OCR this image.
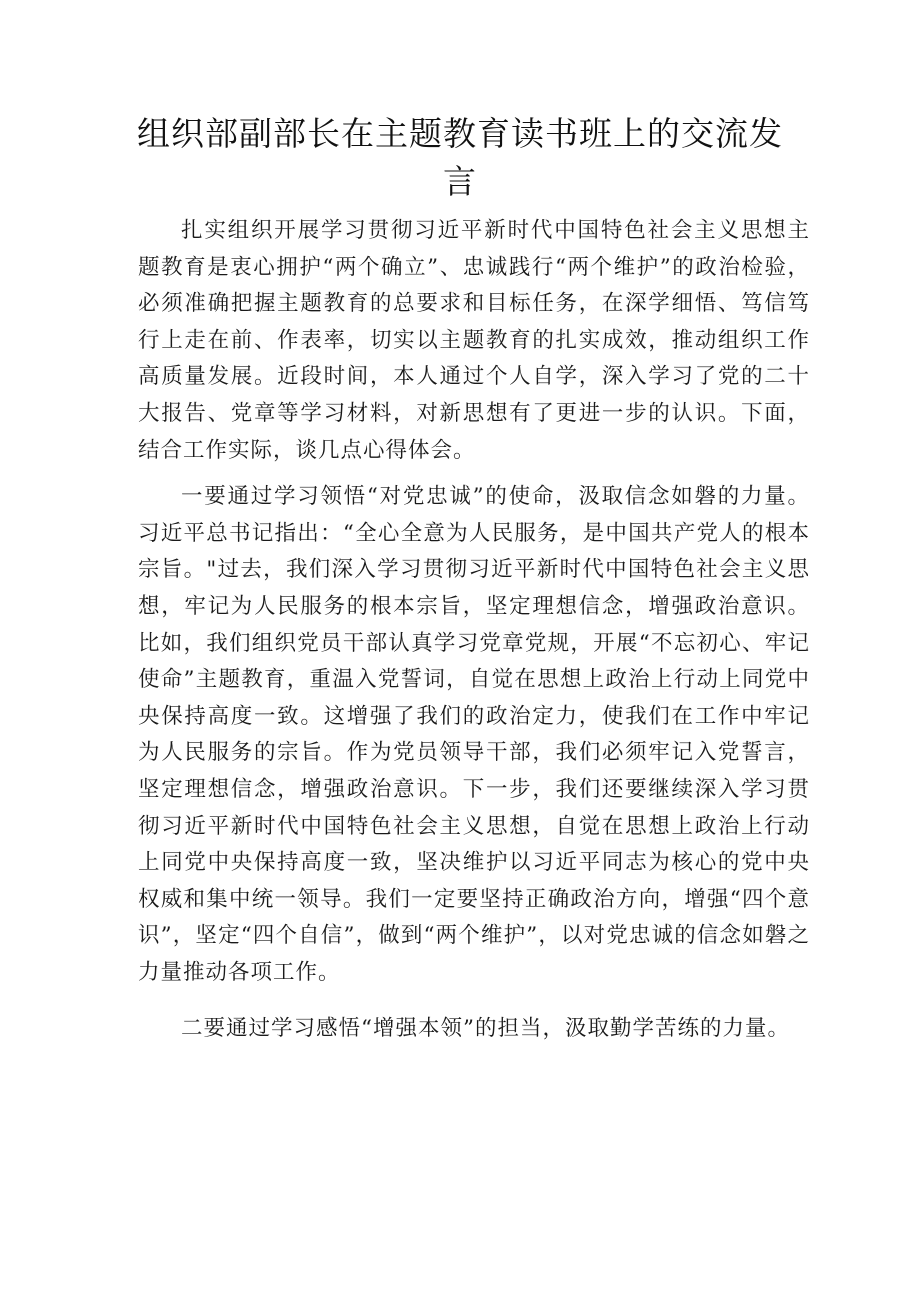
组织部副部长在主题教育读书班上的交流发言

扎实组织开展学习贯彻习近平新时代中国特色社会主义思想主题教育是衷心拥护“两个确立”、忠诚践行“两个维护”的政治检验，必须准确把握主题教育的总要求和目标任务，在深学细悟、笃信笃行上走在前、作表率，切实以主题教育的扎实成效，推动组织工作高质量发展。近段时间，本人通过个人自学，深入学习了党的二十大报告、党章等学习材料，对新思想有了更进一步的认识。下面，结合工作实际，谈几点心得体会。

一要通过学习领悟“对党忠诚”的使命，汲取信念如磐的力量。习近平总书记指出：“全心全意为人民服务，是中国共产党人的根本宗旨。"过去，我们深入学习贯彻习近平新时代中国特色社会主义思想，牢记为人民服务的根本宗旨，坚定理想信念，增强政治意识。比如，我们组织党员干部认真学习党章党规，开展“不忘初心、牢记使命”主题教育，重温入党誓词，自觉在思想上政治上行动上同党中央保持高度一致。这增强了我们的政治定力，使我们在工作中牢记为人民服务的宗旨。作为党员领导干部，我们必须牢记入党誓言，坚定理想信念，增强政治意识。下一步，我们还要继续深入学习贯彻习近平新时代中国特色社会主义思想，自觉在思想上政治上行动上同党中央保持高度一致，坚决维护以习近平同志为核心的党中央权威和集中统一领导。我们一定要坚持正确政治方向，增强“四个意识”，坚定“四个自信”，做到“两个维护”，以对党忠诚的信念如磐之力量推动各项工作。

二要通过学习感悟“增强本领”的担当，汲取勤学苦练的力量。
